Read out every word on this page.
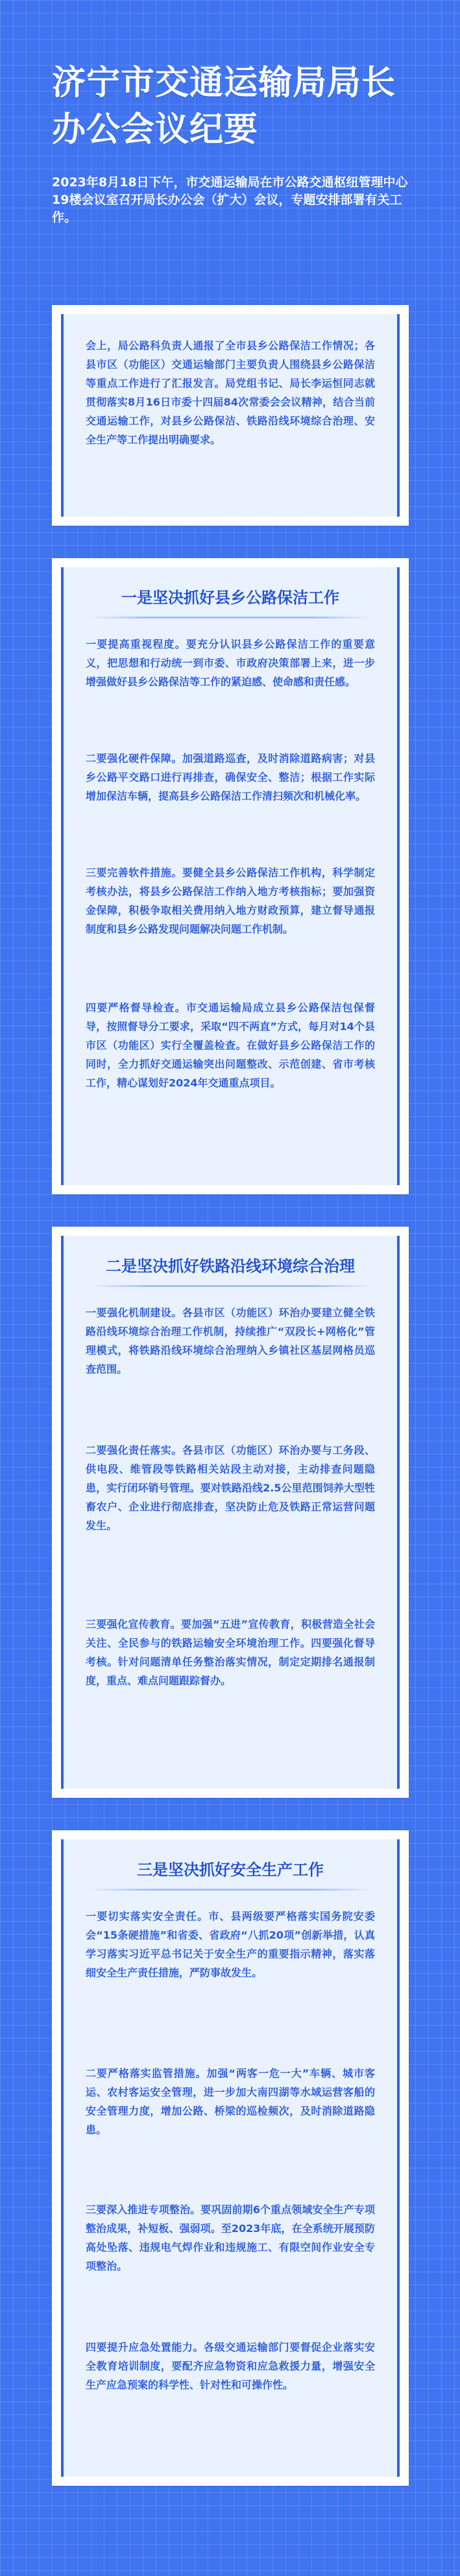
济宁市交通运输局局长办公会议纪要
2023年8月18日下午，市交通运输局在市公路交通枢纽管理中心19楼会议室召开局长办公会（扩大）会议，专题安排部署有关工作。

会上，局公路科负责人通报了全市县乡公路保洁工作情况；各县市区（功能区）交通运输部门主要负责人围绕县乡公路保洁等重点工作进行了汇报发言。局党组书记、局长李运恒同志就贯彻落实8月16日市委十四届84次常委会会议精神，结合当前交通运输工作，对县乡公路保洁、铁路沿线环境综合治理、安全生产等工作提出明确要求。

一是坚决抓好县乡公路保洁工作

一要提高重视程度。要充分认识县乡公路保洁工作的重要意义，把思想和行动统一到市委、市政府决策部署上来，进一步增强做好县乡公路保洁等工作的紧迫感、使命感和责任感。

二要强化硬件保障。加强道路巡查，及时消除道路病害；对县乡公路平交路口进行再排查，确保安全、整洁；根据工作实际增加保洁车辆，提高县乡公路保洁工作清扫频次和机械化率。

三要完善软件措施。要健全县乡公路保洁工作机构，科学制定考核办法，将县乡公路保洁工作纳入地方考核指标；要加强资金保障，积极争取相关费用纳入地方财政预算，建立督导通报制度和县乡公路发现问题解决问题工作机制。

四要严格督导检查。市交通运输局成立县乡公路保洁包保督导，按照督导分工要求，采取“四不两直”方式，每月对14个县市区（功能区）实行全覆盖检查。在做好县乡公路保洁工作的同时，全力抓好交通运输突出问题整改、示范创建、省市考核工作，精心谋划好2024年交通重点项目。

二是坚决抓好铁路沿线环境综合治理

一要强化机制建设。各县市区（功能区）环治办要建立健全铁路沿线环境综合治理工作机制，持续推广“双段长+网格化”管理模式，将铁路沿线环境综合治理纳入乡镇社区基层网格员巡查范围。

二要强化责任落实。各县市区（功能区）环治办要与工务段、供电段、维管段等铁路相关站段主动对接，主动排查问题隐患，实行闭环销号管理。要对铁路沿线2.5公里范围饲养大型牲畜农户、企业进行彻底排查，坚决防止危及铁路正常运营问题发生。

三要强化宣传教育。要加强“五进”宣传教育，积极营造全社会关注、全民参与的铁路运输安全环境治理工作。四要强化督导考核。针对问题清单任务整治落实情况，制定定期排名通报制度，重点、难点问题跟踪督办。

三是坚决抓好安全生产工作

一要切实落实安全责任。市、县两级要严格落实国务院安委会“15条硬措施”和省委、省政府“八抓20项”创新举措，认真学习落实习近平总书记关于安全生产的重要指示精神，落实落细安全生产责任措施，严防事故发生。

二要严格落实监管措施。加强“两客一危一大”车辆、城市客运、农村客运安全管理，进一步加大南四湖等水域运营客船的安全管理力度，增加公路、桥梁的巡检频次，及时消除道路隐患。

三要深入推进专项整治。要巩固前期6个重点领域安全生产专项整治成果，补短板、强弱项。至2023年底，在全系统开展预防高处坠落、违规电气焊作业和违规施工、有限空间作业安全专项整治。

四要提升应急处置能力。各级交通运输部门要督促企业落实安全教育培训制度，要配齐应急物资和应急救援力量，增强安全生产应急预案的科学性、针对性和可操作性。
